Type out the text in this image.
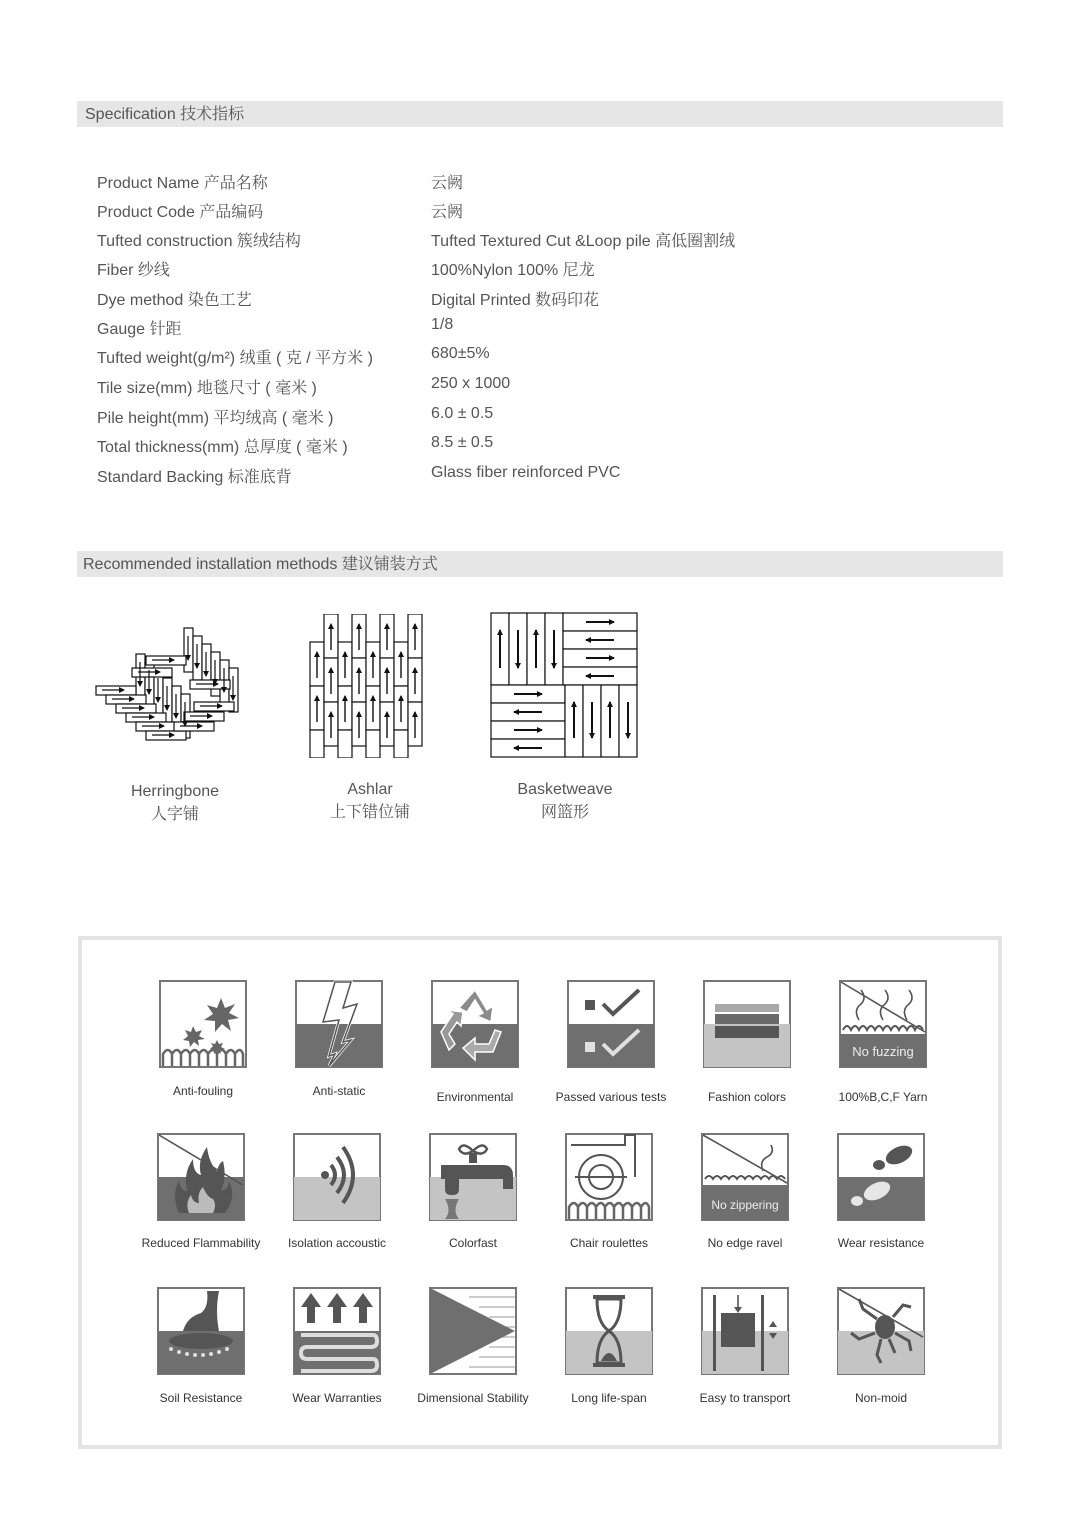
Specification 技术指标
Product Name 产品名称	云阙
Product Code 产品编码	云阙
Tufted construction 簇绒结构	Tufted Textured Cut &Loop pile 高低圈割绒
Fiber 纱线	100%Nylon 100% 尼龙
Dye method 染色工艺	Digital Printed 数码印花
Gauge 针距	1/8
Tufted weight(g/m²) 绒重 ( 克 / 平方米 )	680±5%
Tile size(mm) 地毯尺寸 ( 毫米 )	250 x 1000
Pile height(mm) 平均绒高 ( 毫米 )	6.0 ± 0.5
Total thickness(mm) 总厚度 ( 毫米 )	8.5 ± 0.5
Standard Backing 标准底背	Glass fiber reinforced PVC
Recommended installation methods 建议铺装方式
Herringbone
人字铺
Ashlar
上下错位铺
Basketweave
网篮形
Anti-fouling	Anti-static	Environmental	Passed various tests	Fashion colors
No fuzzing
100%B,C,F Yarn
Reduced Flammability	Isolation accoustic	Colorfast	Chair roulettes
No zippering
No edge ravel	Wear resistance
Soil Resistance	Wear Warranties	Dimensional Stability	Long life-span	Easy to transport	Non-moid
